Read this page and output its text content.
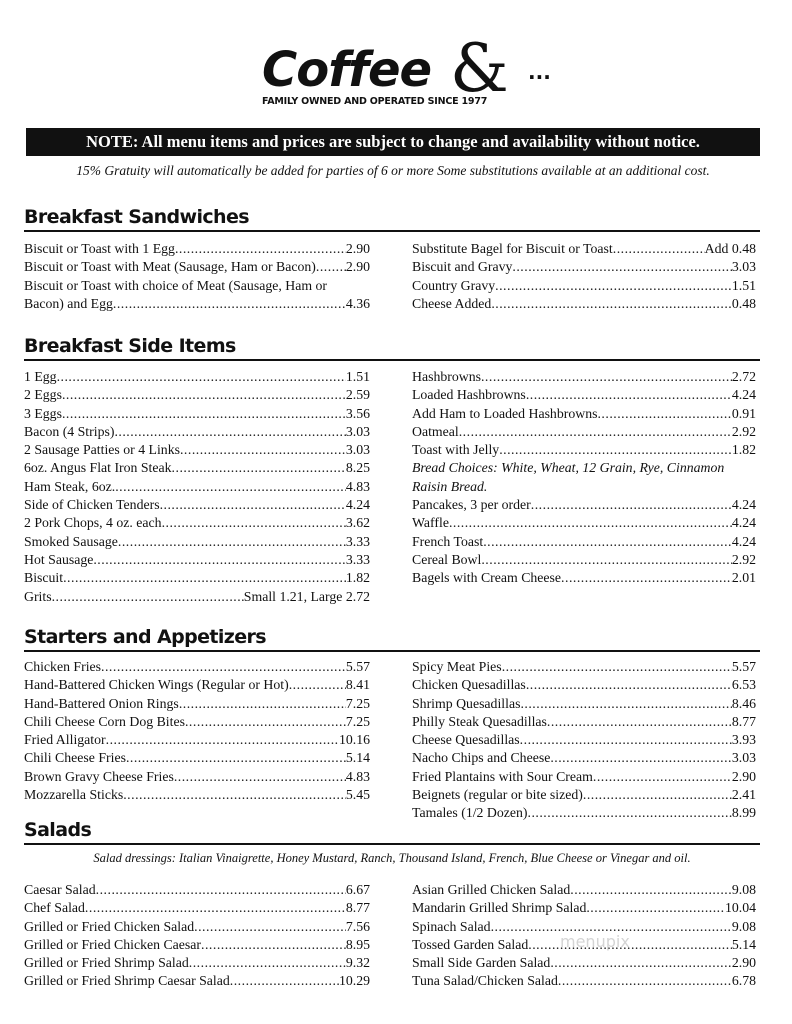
Coffee & ...
FAMILY OWNED AND OPERATED SINCE 1977
NOTE: All menu items and prices are subject to change and availability without notice.
15% Gratuity will automatically be added for parties of 6 or more Some substitutions available at an additional cost.
Breakfast Sandwiches
Biscuit or Toast with 1 Egg .....	2.90
Biscuit or Toast with Meat (Sausage, Ham or Bacon) ..... 2.90
Biscuit or Toast with choice of Meat (Sausage, Ham or
Bacon) and Egg .....	4.36
Substitute Bagel for Biscuit or Toast .....	Add 0.48
Biscuit and Gravy .....	3.03
Country Gravy .....	1.51
Cheese Added .....	0.48
Breakfast Side Items
1 Egg .....	1.51
2 Eggs .....	2.59
3 Eggs .....	3.56
Bacon (4 Strips) .....	3.03
2 Sausage Patties or 4 Links .....	3.03
6oz. Angus Flat Iron Steak .....	8.25
Ham Steak, 6oz. .....	4.83
Side of Chicken Tenders .....	4.24
2 Pork Chops, 4 oz. each .....	3.62
Smoked Sausage .....	3.33
Hot Sausage .....	3.33
Biscuit .....	1.82
Grits .....	Small 1.21, Large 2.72
Hashbrowns .....	2.72
Loaded Hashbrowns .....	4.24
Add Ham to Loaded Hashbrowns .....	0.91
Oatmeal .....	2.92
Toast with Jelly .....	1.82
Bread Choices: White, Wheat, 12 Grain, Rye, Cinnamon
Raisin Bread.
Pancakes, 3 per order .....	4.24
Waffle .....	4.24
French Toast .....	4.24
Cereal Bowl .....	2.92
Bagels with Cream Cheese .....	2.01
Starters and Appetizers
Chicken Fries .....	5.57
Hand-Battered Chicken Wings (Regular or Hot) .....	8.41
Hand-Battered Onion Rings .....	7.25
Chili Cheese Corn Dog Bites .....	7.25
Fried Alligator .....	10.16
Chili Cheese Fries .....	5.14
Brown Gravy Cheese Fries .....	4.83
Mozzarella Sticks .....	5.45
Spicy Meat Pies .....	5.57
Chicken Quesadillas .....	6.53
Shrimp Quesadillas .....	8.46
Philly Steak Quesadillas .....	8.77
Cheese Quesadillas .....	3.93
Nacho Chips and Cheese .....	3.03
Fried Plantains with Sour Cream .....	2.90
Beignets (regular or bite sized) .....	2.41
Tamales (1/2 Dozen) .....	8.99
Salads
Salad dressings: Italian Vinaigrette, Honey Mustard, Ranch, Thousand Island, French, Blue Cheese or Vinegar and oil.
Caesar Salad .....	6.67
Chef Salad .....	8.77
Grilled or Fried Chicken Salad .....	7.56
Grilled or Fried Chicken Caesar .....	8.95
Grilled or Fried Shrimp Salad .....	9.32
Grilled or Fried Shrimp Caesar Salad .....	10.29
Asian Grilled Chicken Salad .....	9.08
Mandarin Grilled Shrimp Salad .....	10.04
Spinach Salad .....	9.08
Tossed Garden Salad .....	5.14
Small Side Garden Salad .....	2.90
Tuna Salad/Chicken Salad .....	6.78
menupix
